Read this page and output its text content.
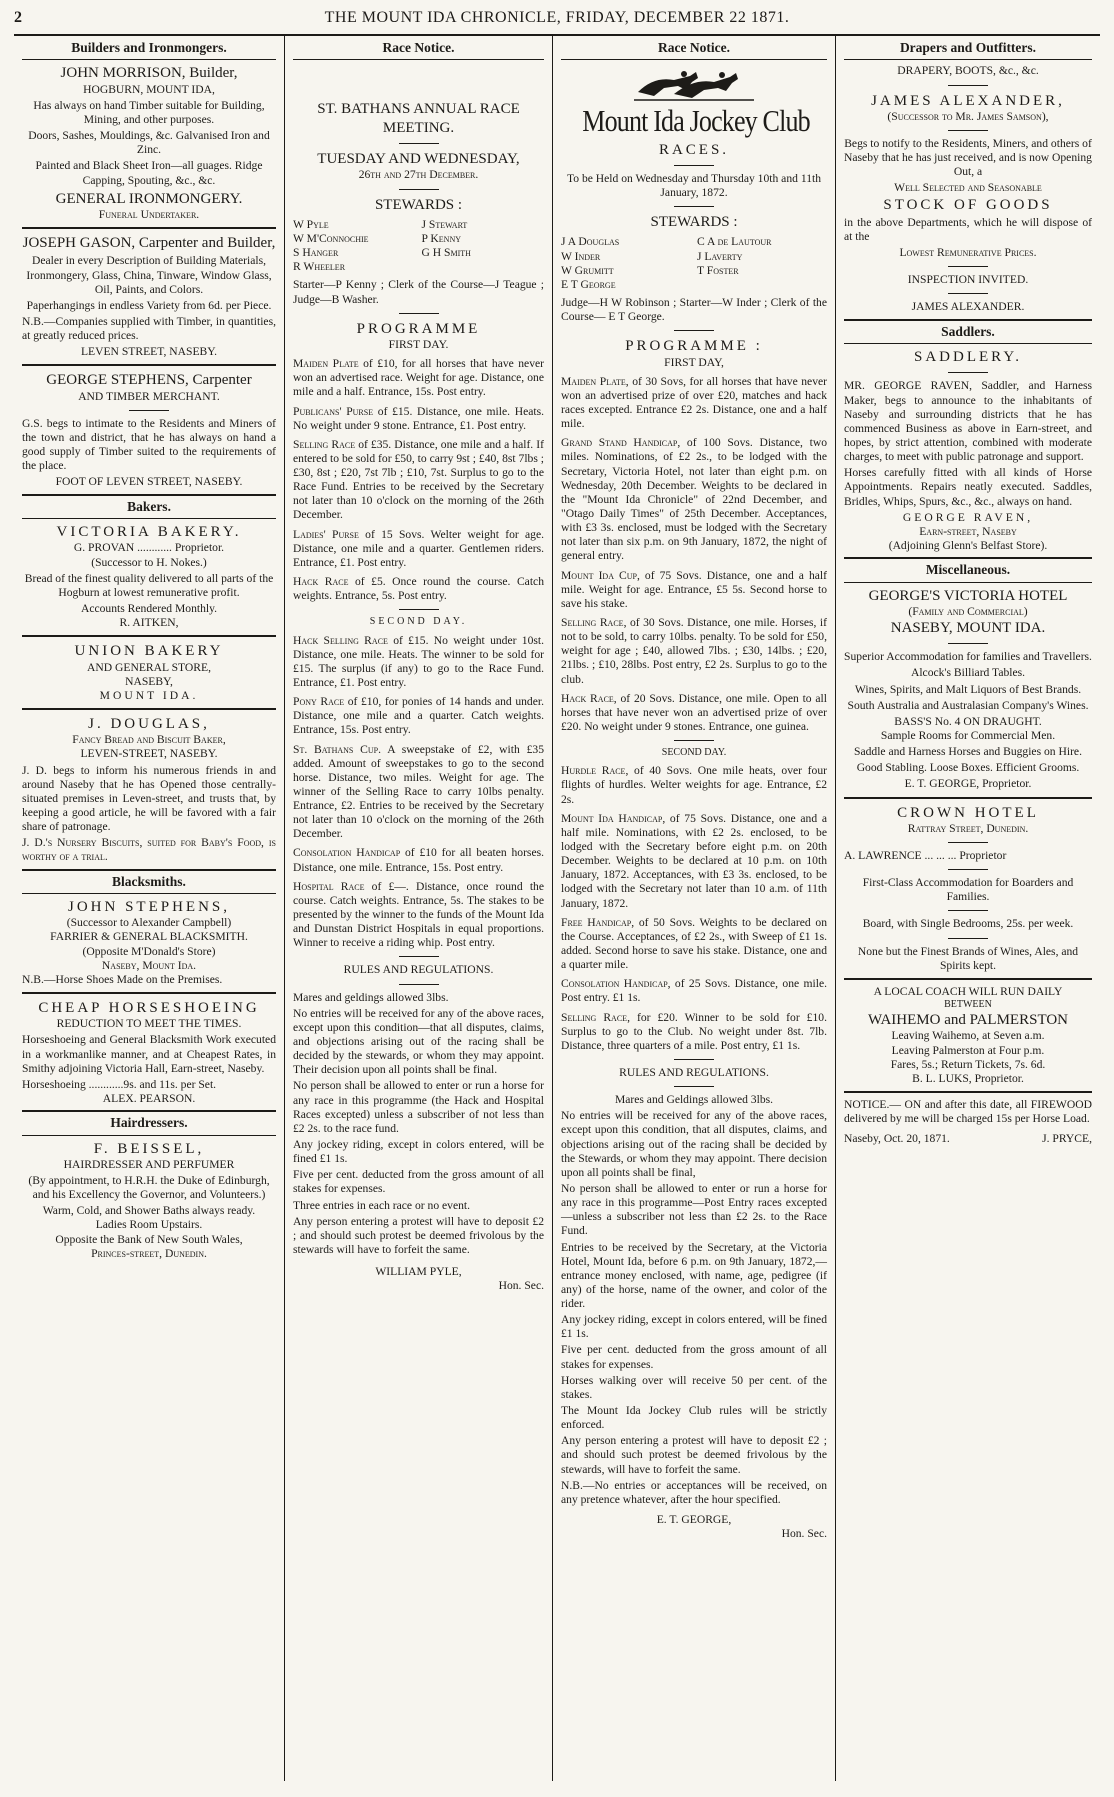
2	THE MOUNT IDA CHRONICLE, FRIDAY, DECEMBER 22 1871.
Builders and Ironmongers.
JOHN MORRISON, Builder,
HOGBURN, MOUNT IDA,

Has always on hand Timber suitable for Building, Mining, and other purposes.

Doors, Sashes, Mouldings, &c. Galvanised Iron and Zinc.

Painted and Black Sheet Iron—all guages. Ridge Capping, Spouting, &c., &c.

GENERAL IRONMONGERY.
Funeral Undertaker.
JOSEPH GASON, Carpenter and Builder,

Dealer in every Description of Building Materials, Ironmongery, Glass, China, Tinware, Window Glass, Oil, Paints, and Colors.

Paperhangings in endless Variety from 6d. per Piece.

N.B.—Companies supplied with Timber, in quantities, at greatly reduced prices.

LEVEN STREET, NASEBY.
GEORGE STEPHENS, Carpenter
AND TIMBER MERCHANT.

G.S. begs to intimate to the Residents and Miners of the town and district, that he has always on hand a good supply of Timber suited to the requirements of the place.

FOOT OF LEVEN STREET, NASEBY.
Bakers.
VICTORIA BAKERY.
G. PROVAN ............ Proprietor.
(Successor to H. Nokes.)

Bread of the finest quality delivered to all parts of the Hogburn at lowest remunerative profit.

Accounts Rendered Monthly.
R. AITKEN,
UNION BAKERY
AND GENERAL STORE,
NASEBY,
MOUNT IDA.
J. DOUGLAS,
Fancy Bread and Biscuit Baker,
LEVEN-STREET, NASEBY.

J. D. begs to inform his numerous friends in and around Naseby that he has Opened those centrally-situated premises in Leven-street, and trusts that, by keeping a good article, he will be favored with a fair share of patronage.

J. D.'s Nursery Biscuits, suited for Baby's Food, is worthy of a trial.

Blacksmiths.
JOHN STEPHENS,
(Successor to Alexander Campbell)
FARRIER & GENERAL BLACKSMITH.
(Opposite M'Donald's Store)
Naseby, Mount Ida.
N.B.—Horse Shoes Made on the Premises.
CHEAP HORSESHOEING
REDUCTION TO MEET THE TIMES.

Horseshoeing and General Blacksmith Work executed in a workmanlike manner, and at Cheapest Rates, in Smithy adjoining Victoria Hall, Earn-street, Naseby.

Horseshoeing ............9s. and 11s. per Set.
ALEX. PEARSON.
Hairdressers.
F. BEISSEL,
HAIRDRESSER AND PERFUMER

(By appointment, to H.R.H. the Duke of Edinburgh, and his Excellency the Governor, and Volunteers.)

Warm, Cold, and Shower Baths always ready.
Ladies Room Upstairs.
Opposite the Bank of New South Wales,
Princes-street, Dunedin.
Race Notice.
ST. BATHANS ANNUAL RACE MEETING.
TUESDAY AND WEDNESDAY,
26th and 27th December.
STEWARDS :
W Pyle	J Stewart
W M'Connochie	P Kenny
S Hanger	G H Smith
R Wheeler

Starter—P Kenny ; Clerk of the Course—J Teague ; Judge—B Washer.

PROGRAMME
FIRST DAY.

Maiden Plate of £10, for all horses that have never won an advertised race. Weight for age. Distance, one mile and a half. Entrance, 15s. Post entry.

Publicans' Purse of £15. Distance, one mile. Heats. No weight under 9 stone. Entrance, £1. Post entry.

Selling Race of £35. Distance, one mile and a half. If entered to be sold for £50, to carry 9st ; £40, 8st 7lbs ; £30, 8st ; £20, 7st 7lb ; £10, 7st. Surplus to go to the Race Fund. Entries to be received by the Secretary not later than 10 o'clock on the morning of the 26th December.

Ladies' Purse of 15 Sovs. Welter weight for age. Distance, one mile and a quarter. Gentlemen riders. Entrance, £1. Post entry.

Hack Race of £5. Once round the course. Catch weights. Entrance, 5s. Post entry.

SECOND DAY.

Hack Selling Race of £15. No weight under 10st. Distance, one mile. Heats. The winner to be sold for £15. The surplus (if any) to go to the Race Fund. Entrance, £1. Post entry.

Pony Race of £10, for ponies of 14 hands and under. Distance, one mile and a quarter. Catch weights. Entrance, 15s. Post entry.

St. Bathans Cup. A sweepstake of £2, with £35 added. Amount of sweepstakes to go to the second horse. Distance, two miles. Weight for age. The winner of the Selling Race to carry 10lbs penalty. Entrance, £2. Entries to be received by the Secretary not later than 10 o'clock on the morning of the 26th December.

Consolation Handicap of £10 for all beaten horses. Distance, one mile. Entrance, 15s. Post entry.

Hospital Race of £—. Distance, once round the course. Catch weights. Entrance, 5s. The stakes to be presented by the winner to the funds of the Mount Ida and Dunstan District Hospitals in equal proportions. Winner to receive a riding whip. Post entry.

RULES AND REGULATIONS.

Mares and geldings allowed 3lbs.

No entries will be received for any of the above races, except upon this condition—that all disputes, claims, and objections arising out of the racing shall be decided by the stewards, or whom they may appoint. Their decision upon all points shall be final.

No person shall be allowed to enter or run a horse for any race in this programme (the Hack and Hospital Races excepted) unless a subscriber of not less than £2 2s. to the race fund.

Any jockey riding, except in colors entered, will be fined £1 1s.

Five per cent. deducted from the gross amount of all stakes for expenses.

Three entries in each race or no event.

Any person entering a protest will have to deposit £2 ; and should such protest be deemed frivolous by the stewards will have to forfeit the same.

WILLIAM PYLE,
Hon. Sec.
Race Notice.
Mount Ida Jockey Club
RACES.

To be Held on Wednesday and Thursday 10th and 11th January, 1872.

STEWARDS :
J A Douglas	C A de Lautour
W Inder	J Laverty
W Grumitt	T Foster
E T George

Judge—H W Robinson ; Starter—W Inder ; Clerk of the Course— E T George.

PROGRAMME :
FIRST DAY,

Maiden Plate, of 30 Sovs, for all horses that have never won an advertised prize of over £20, matches and hack races excepted. Entrance £2 2s. Distance, one and a half mile.

Grand Stand Handicap, of 100 Sovs. Distance, two miles. Nominations, of £2 2s., to be lodged with the Secretary, Victoria Hotel, not later than eight p.m. on Wednesday, 20th December. Weights to be declared in the "Mount Ida Chronicle" of 22nd December, and "Otago Daily Times" of 25th December. Acceptances, with £3 3s. enclosed, must be lodged with the Secretary not later than six p.m. on 9th January, 1872, the night of general entry.

Mount Ida Cup, of 75 Sovs. Distance, one and a half mile. Weight for age. Entrance, £5 5s. Second horse to save his stake.

Selling Race, of 30 Sovs. Distance, one mile. Horses, if not to be sold, to carry 10lbs. penalty. To be sold for £50, weight for age ; £40, allowed 7lbs. ; £30, 14lbs. ; £20, 21lbs. ; £10, 28lbs. Post entry, £2 2s. Surplus to go to the club.

Hack Race, of 20 Sovs. Distance, one mile. Open to all horses that have never won an advertised prize of over £20. No weight under 9 stones. Entrance, one guinea.

SECOND DAY.

Hurdle Race, of 40 Sovs. One mile heats, over four flights of hurdles. Welter weights for age. Entrance, £2 2s.

Mount Ida Handicap, of 75 Sovs. Distance, one and a half mile. Nominations, with £2 2s. enclosed, to be lodged with the Secretary before eight p.m. on 20th December. Weights to be declared at 10 p.m. on 10th January, 1872. Acceptances, with £3 3s. enclosed, to be lodged with the Secretary not later than 10 a.m. of 11th January, 1872.

Free Handicap, of 50 Sovs. Weights to be declared on the Course. Acceptances, of £2 2s., with Sweep of £1 1s. added. Second horse to save his stake. Distance, one and a quarter mile.

Consolation Handicap, of 25 Sovs. Distance, one mile. Post entry. £1 1s.

Selling Race, for £20. Winner to be sold for £10. Surplus to go to the Club. No weight under 8st. 7lb. Distance, three quarters of a mile. Post entry, £1 1s.

RULES AND REGULATIONS.

Mares and Geldings allowed 3lbs.

No entries will be received for any of the above races, except upon this condition, that all disputes, claims, and objections arising out of the racing shall be decided by the Stewards, or whom they may appoint. There decision upon all points shall be final,

No person shall be allowed to enter or run a horse for any race in this programme—Post Entry races excepted—unless a subscriber not less than £2 2s. to the Race Fund.

Entries to be received by the Secretary, at the Victoria Hotel, Mount Ida, before 6 p.m. on 9th January, 1872,—entrance money enclosed, with name, age, pedigree (if any) of the horse, name of the owner, and color of the rider.

Any jockey riding, except in colors entered, will be fined £1 1s.

Five per cent. deducted from the gross amount of all stakes for expenses.

Horses walking over will receive 50 per cent. of the stakes.

The Mount Ida Jockey Club rules will be strictly enforced.

Any person entering a protest will have to deposit £2 ; and should such protest be deemed frivolous by the stewards, will have to forfeit the same.

N.B.—No entries or acceptances will be received, on any pretence whatever, after the hour specified.

E. T. GEORGE,
Hon. Sec.
Drapers and Outfitters.
DRAPERY, BOOTS, &c., &c.
JAMES ALEXANDER,
(Successor to Mr. James Samson),

Begs to notify to the Residents, Miners, and others of Naseby that he has just received, and is now Opening Out, a

Well Selected and Seasonable
STOCK OF GOODS

in the above Departments, which he will dispose of at the

Lowest Remunerative Prices.
INSPECTION INVITED.
JAMES ALEXANDER.
Saddlers.
SADDLERY.

MR. GEORGE RAVEN, Saddler, and Harness Maker, begs to announce to the inhabitants of Naseby and surrounding districts that he has commenced Business as above in Earn-street, and hopes, by strict attention, combined with moderate charges, to meet with public patronage and support.

Horses carefully fitted with all kinds of Horse Appointments. Repairs neatly executed. Saddles, Bridles, Whips, Spurs, &c., &c., always on hand.

GEORGE RAVEN,
Earn-street, Naseby
(Adjoining Glenn's Belfast Store).
Miscellaneous.
GEORGE'S VICTORIA HOTEL
(Family and Commercial)
NASEBY, MOUNT IDA.

Superior Accommodation for families and Travellers.

Alcock's Billiard Tables.

Wines, Spirits, and Malt Liquors of Best Brands.

South Australia and Australasian Company's Wines.

BASS'S No. 4 ON DRAUGHT.
Sample Rooms for Commercial Men.

Saddle and Harness Horses and Buggies on Hire.

Good Stabling. Loose Boxes. Efficient Grooms.

E. T. GEORGE, Proprietor.
CROWN HOTEL
Rattray Street, Dunedin.
A. LAWRENCE ... ... ... Proprietor

First-Class Accommodation for Boarders and Families.

Board, with Single Bedrooms, 25s. per week.

None but the Finest Brands of Wines, Ales, and Spirits kept.

A LOCAL COACH WILL RUN DAILY
BETWEEN
WAIHEMO and PALMERSTON
Leaving Waihemo, at Seven a.m.
Leaving Palmerston at Four p.m.
Fares, 5s.; Return Tickets, 7s. 6d.
B. L. LUKS, Proprietor.

NOTICE.— ON and after this date, all FIREWOOD delivered by me will be charged 15s per Horse Load.

Naseby, Oct. 20, 1871.	J. PRYCE,
